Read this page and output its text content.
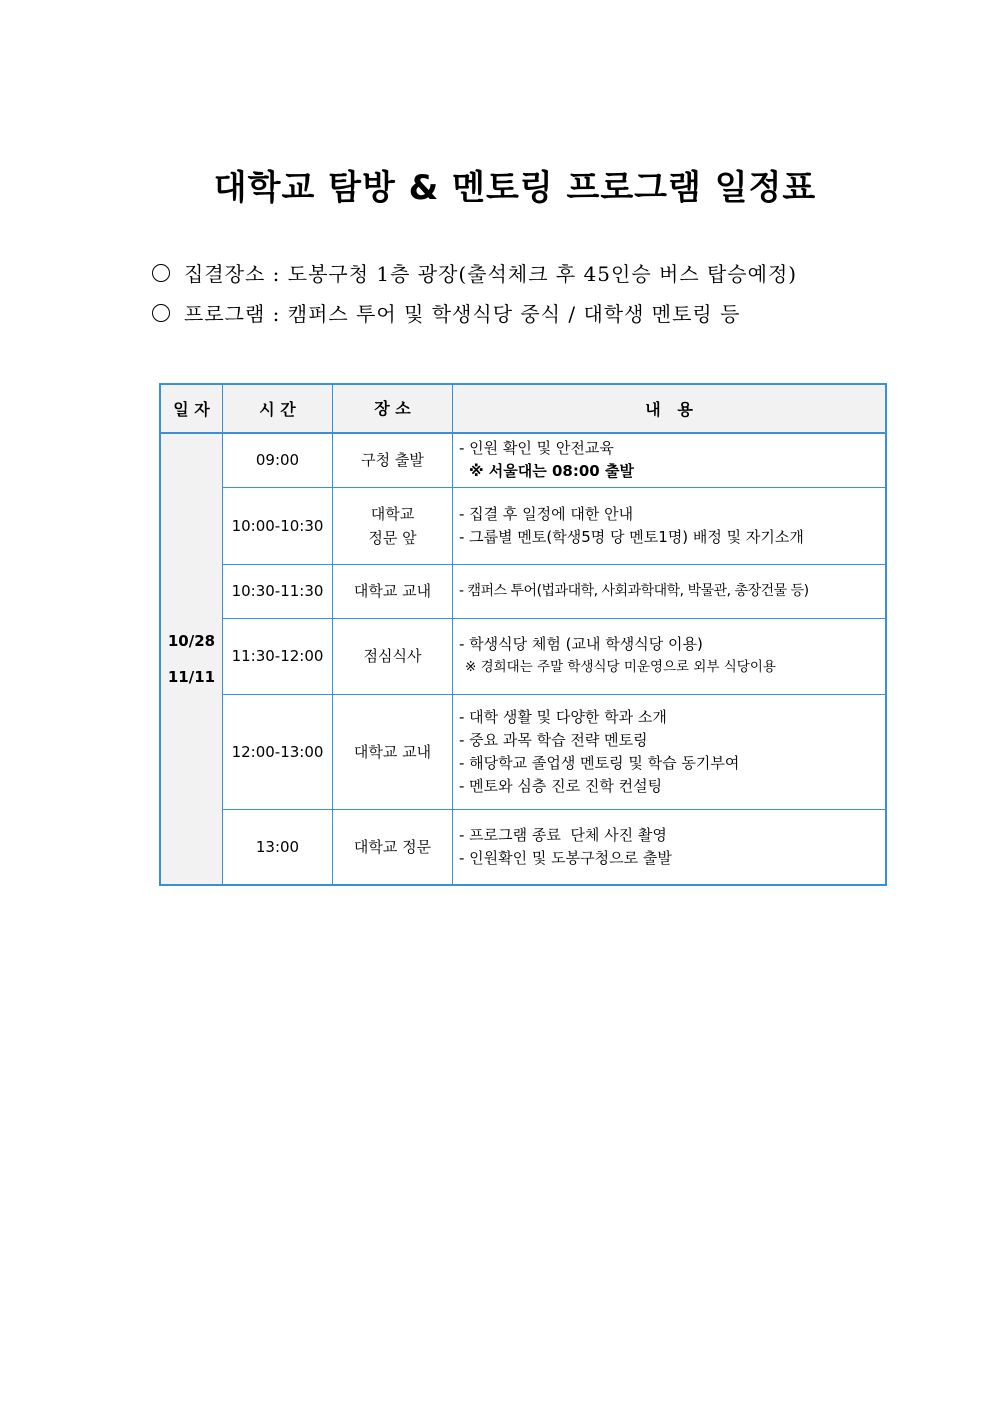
대학교 탐방 & 멘토링 프로그램 일정표
집결장소 : 도봉구청 1층 광장(출석체크 후 45인승 버스 탑승예정)
프로그램 : 캠퍼스 투어 및 학생식당 중식 / 대학생 멘토링 등
일 자	시 간	장 소	내   용

10/28
11/11	09:00	구청 출발	- 인원 확인 및 안전교육
※ 서울대는 08:00 출발

	10:00-10:30	대학교
정문 앞	- 집결 후 일정에 대한 안내
- 그룹별 멘토(학생5명 당 멘토1명) 배정 및 자기소개

	10:30-11:30	대학교 교내	- 캠퍼스 투어(법과대학, 사회과학대학, 박물관, 총장건물 등)

	11:30-12:00	점심식사	- 학생식당 체험 (교내 학생식당 이용)
※ 경희대는 주말 학생식당 미운영으로 외부 식당이용

	12:00-13:00	대학교 교내	- 대학 생활 및 다양한 학과 소개
- 중요 과목 학습 전략 멘토링
- 해당학교 졸업생 멘토링 및 학습 동기부여
- 멘토와 심층 진로 진학 컨설팅

	13:00	대학교 정문	- 프로그램 종료  단체 사진 촬영
- 인원확인 및 도봉구청으로 출발
